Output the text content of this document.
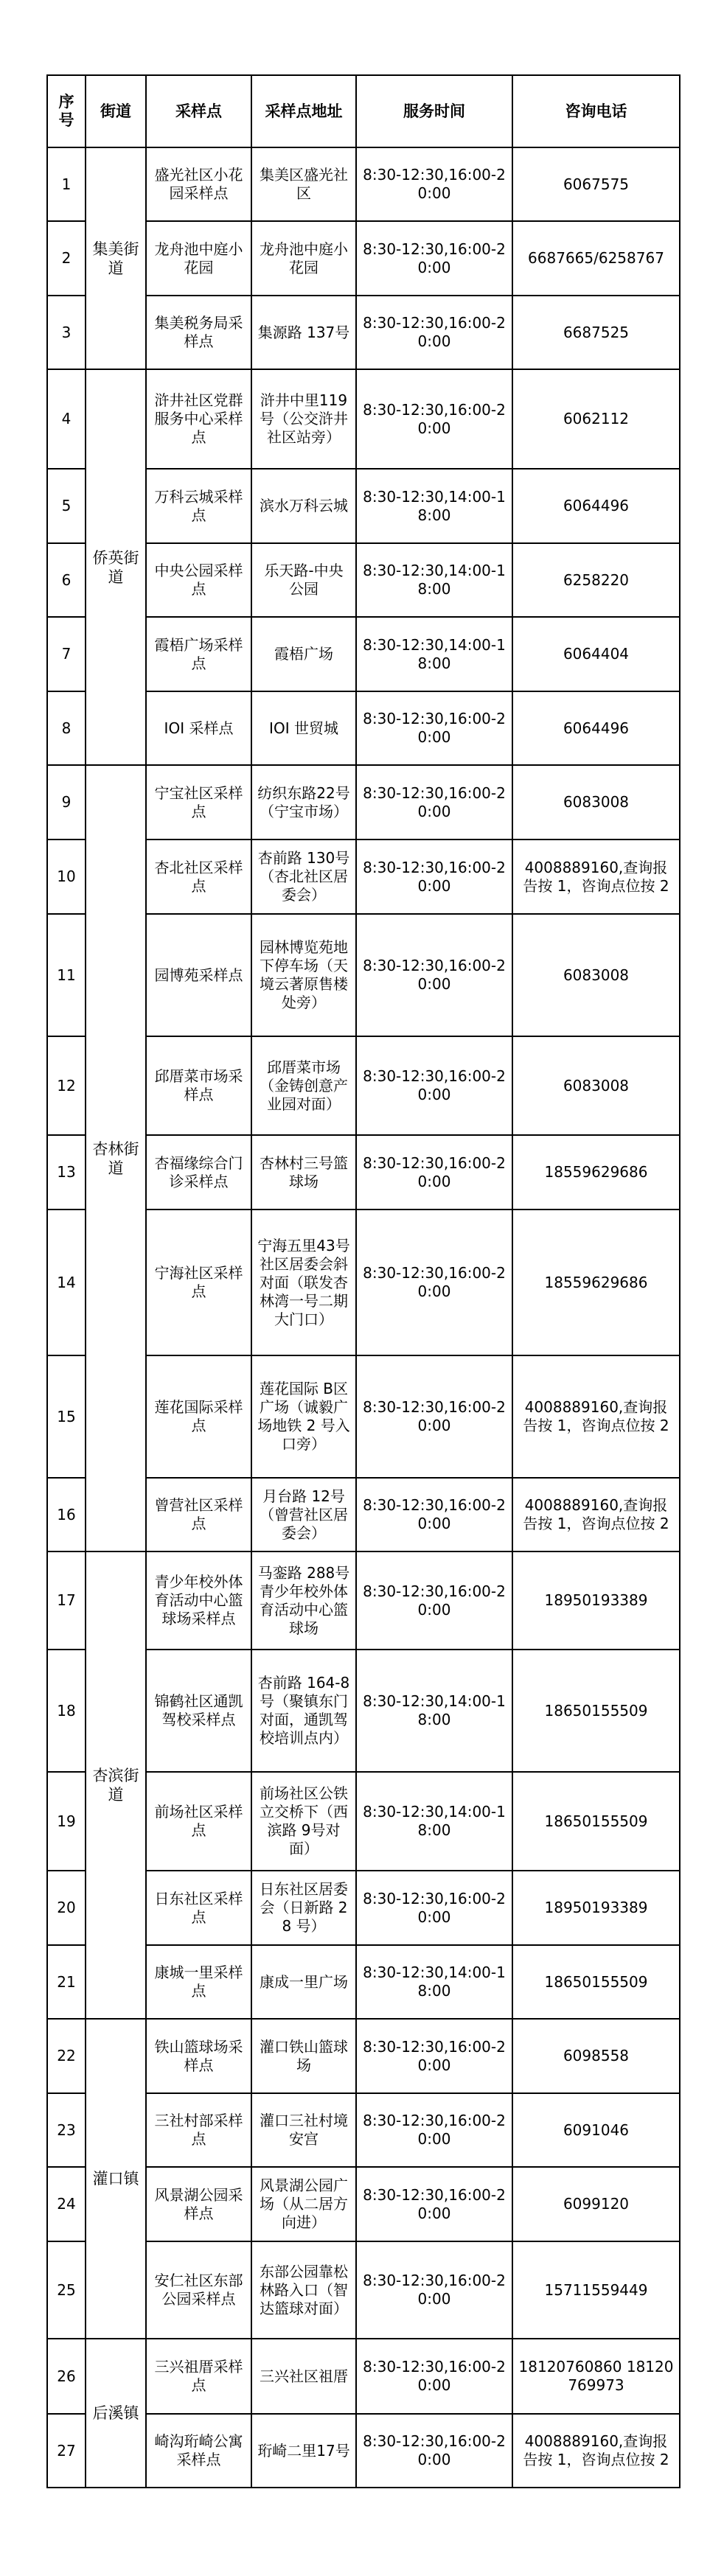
序号	街道	采样点	采样点地址	服务时间	咨询电话
1	集美街道	盛光社区小花园采样点	集美区盛光社区	8:30-12:30,16:00-20:00	6067575
2		龙舟池中庭小花园	龙舟池中庭小花园	8:30-12:30,16:00-20:00	6687665/6258767
3		集美税务局采样点	集源路 137号	8:30-12:30,16:00-20:00	6687525
4	侨英街道	浒井社区党群服务中心采样点	浒井中里119号（公交浒井社区站旁）	8:30-12:30,16:00-20:00	6062112
5		万科云城采样点	滨水万科云城	8:30-12:30,14:00-18:00	6064496
6		中央公园采样点	乐天路-中央公园	8:30-12:30,14:00-18:00	6258220
7		霞梧广场采样点	霞梧广场	8:30-12:30,14:00-18:00	6064404
8		IOI 采样点	IOI 世贸城	8:30-12:30,16:00-20:00	6064496
9	杏林街道	宁宝社区采样点	纺织东路22号（宁宝市场）	8:30-12:30,16:00-20:00	6083008
10		杏北社区采样点	杏前路 130号（杏北社区居委会）	8:30-12:30,16:00-20:00	4008889160,查询报告按 1，咨询点位按 2
11		园博苑采样点	园林博览苑地下停车场（天境云著原售楼处旁）	8:30-12:30,16:00-20:00	6083008
12		邱厝菜市场采样点	邱厝菜市场（金铸创意产业园对面）	8:30-12:30,16:00-20:00	6083008
13		杏福缘综合门诊采样点	杏林村三号篮球场	8:30-12:30,16:00-20:00	18559629686
14		宁海社区采样点	宁海五里43号社区居委会斜对面（联发杏林湾一号二期大门口）	8:30-12:30,16:00-20:00	18559629686
15		莲花国际采样点	莲花国际 B区广场（诚毅广场地铁 2 号入口旁）	8:30-12:30,16:00-20:00	4008889160,查询报告按 1，咨询点位按 2
16		曾营社区采样点	月台路 12号（曾营社区居委会）	8:30-12:30,16:00-20:00	4008889160,查询报告按 1，咨询点位按 2
17	杏滨街道	青少年校外体育活动中心篮球场采样点	马銮路 288号青少年校外体育活动中心篮球场	8:30-12:30,16:00-20:00	18950193389
18		锦鹤社区通凯驾校采样点	杏前路 164-8 号（聚镇东门对面，通凯驾校培训点内）	8:30-12:30,14:00-18:00	18650155509
19		前场社区采样点	前场社区公铁立交桥下（西滨路 9号对面）	8:30-12:30,14:00-18:00	18650155509
20		日东社区采样点	日东社区居委会（日新路 28 号）	8:30-12:30,16:00-20:00	18950193389
21		康城一里采样点	康成一里广场	8:30-12:30,14:00-18:00	18650155509
22	灌口镇	铁山篮球场采样点	灌口铁山篮球场	8:30-12:30,16:00-20:00	6098558
23		三社村部采样点	灌口三社村境安宫	8:30-12:30,16:00-20:00	6091046
24		风景湖公园采样点	风景湖公园广场（从二居方向进）	8:30-12:30,16:00-20:00	6099120
25		安仁社区东部公园采样点	东部公园靠松林路入口（智达篮球对面）	8:30-12:30,16:00-20:00	15711559449
26	后溪镇	三兴祖厝采样点	三兴社区祖厝	8:30-12:30,16:00-20:00	18120760860 18120769973
27		崎沟珩崎公寓采样点	珩崎二里17号	8:30-12:30,16:00-20:00	4008889160,查询报告按 1，咨询点位按 2
